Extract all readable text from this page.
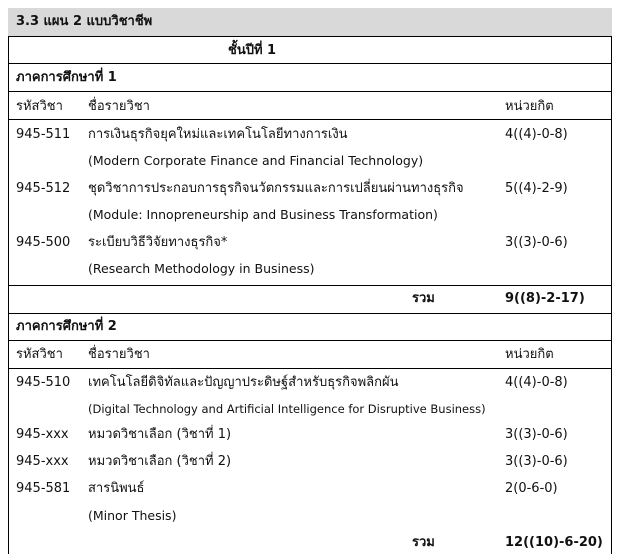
3.3 แผน 2 แบบวิชาชีพ
ชั้นปีที่ 1
ภาคการศึกษาที่ 1
รหัสวิชา ชื่อรายวิชา	หน่วยกิต
945-511 การเงินธุรกิจยุคใหม่และเทคโนโลยีทางการเงิน	4((4)-0-8)
(Modern Corporate Finance and Financial Technology)
945-512 ชุดวิชาการประกอบการธุรกิจนวัตกรรมและการเปลี่ยนผ่านทางธุรกิจ	5((4)-2-9)
(Module: Innopreneurship and Business Transformation)
945-500 ระเบียบวิธีวิจัยทางธุรกิจ*	3((3)-0-6)
(Research Methodology in Business)
รวม	9((8)-2-17)
ภาคการศึกษาที่ 2
รหัสวิชา ชื่อรายวิชา	หน่วยกิต
945-510 เทคโนโลยีดิจิทัลและปัญญาประดิษฐ์สำหรับธุรกิจพลิกผัน	4((4)-0-8)
(Digital Technology and Artificial Intelligence for Disruptive Business)
945-xxx หมวดวิชาเลือก (วิชาที่ 1)	3((3)-0-6)
945-xxx หมวดวิชาเลือก (วิชาที่ 2)	3((3)-0-6)
945-581 สารนิพนธ์	2(0-6-0)
(Minor Thesis)
รวม	12((10)-6-20)
